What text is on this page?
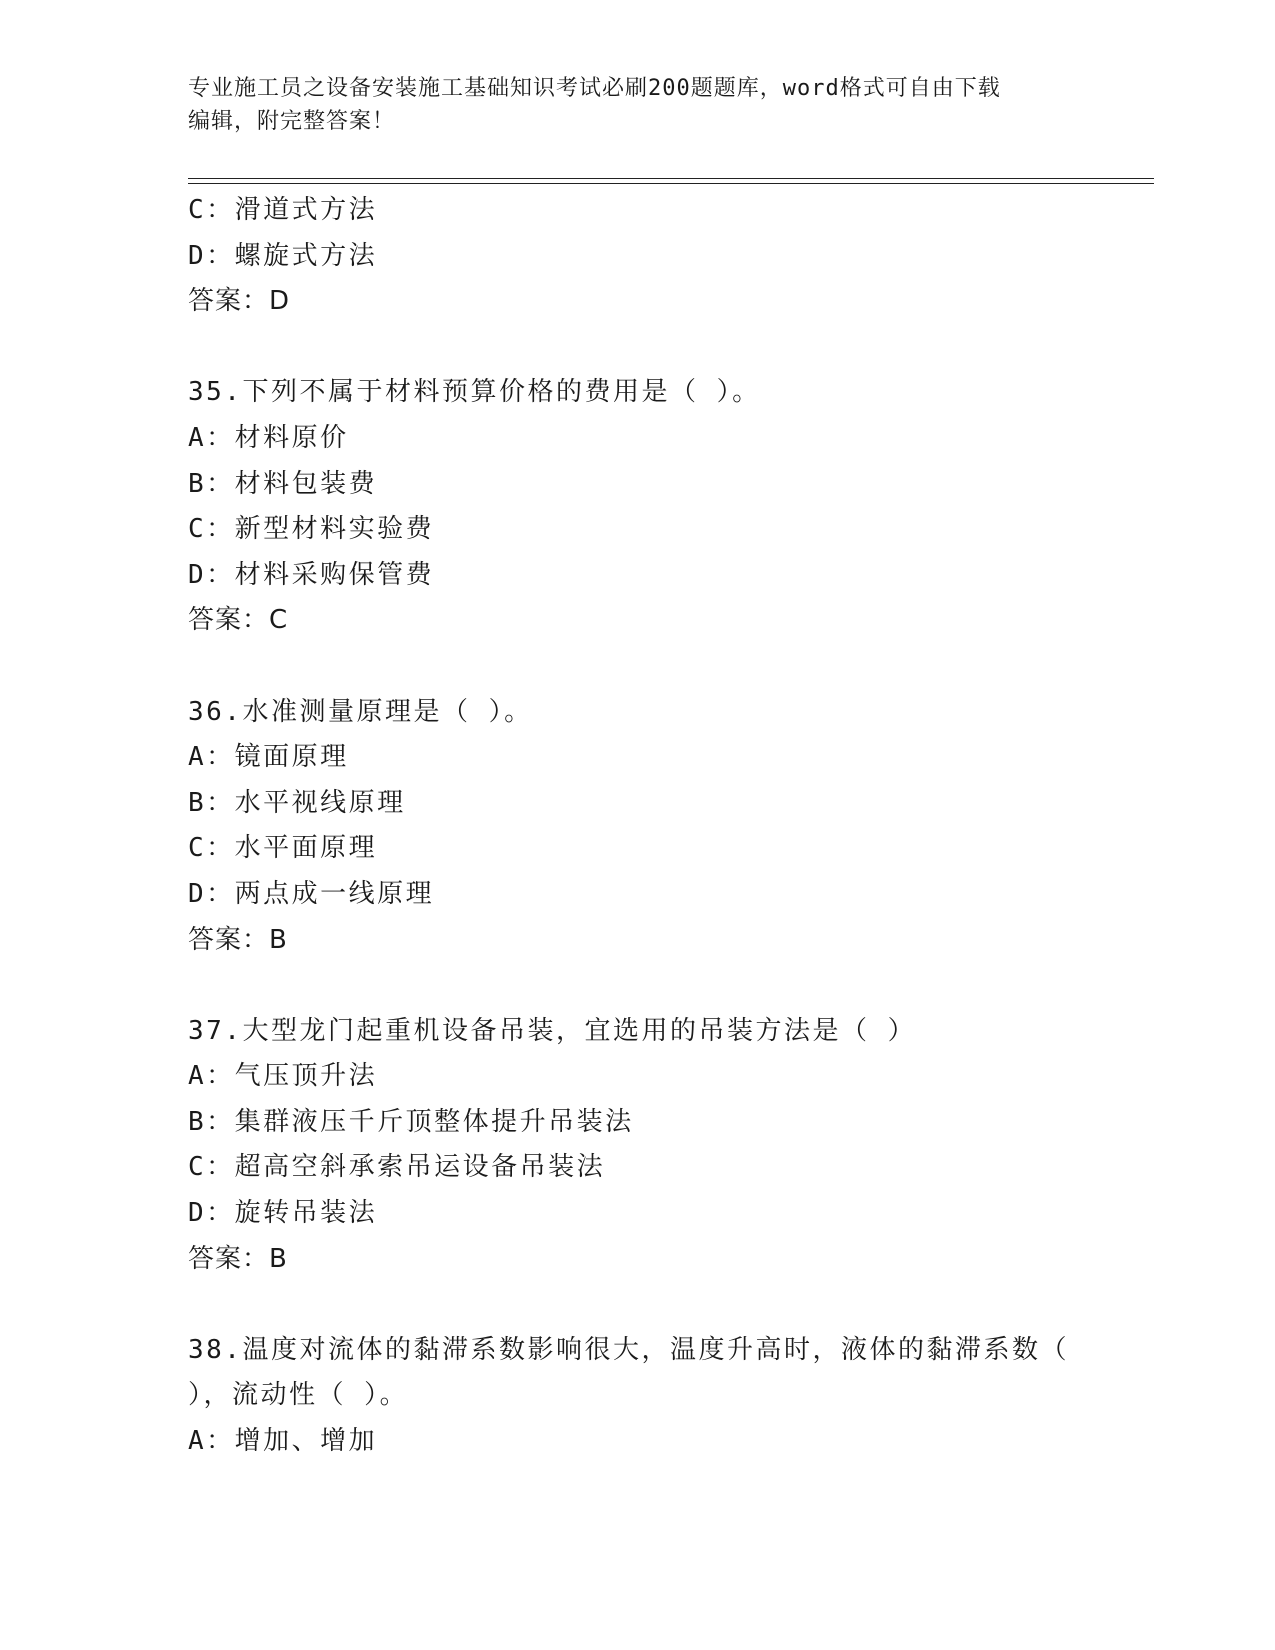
专业施工员之设备安装施工基础知识考试必刷200题题库，word格式可自由下载
编辑，附完整答案！
C：滑道式方法
D：螺旋式方法
答案：D
35.下列不属于材料预算价格的费用是（ ）。
A：材料原价
B：材料包装费
C：新型材料实验费
D：材料采购保管费
答案：C
36.水准测量原理是（ ）。
A：镜面原理
B：水平视线原理
C：水平面原理
D：两点成一线原理
答案：B
37.大型龙门起重机设备吊装，宜选用的吊装方法是（ ）
A：气压顶升法
B：集群液压千斤顶整体提升吊装法
C：超高空斜承索吊运设备吊装法
D：旋转吊装法
答案：B
38.温度对流体的黏滞系数影响很大，温度升高时，液体的黏滞系数（
），流动性（ ）。
A：增加、增加
